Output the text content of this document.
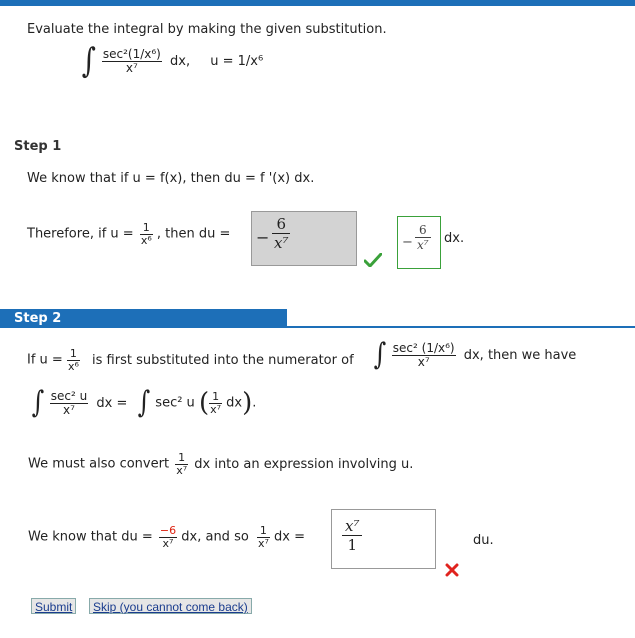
Evaluate the integral by making the given substitution.
∫ $\frac{\text{sec²(1/x⁶)}}{\text{x⁷}}$ dx, u = 1/x⁶
Step 1
We know that if u = f(x), then du = f '(x) dx.
Therefore, if $u = \frac{1}{\text{x⁶}}$ , then du = − $\frac{6}{\text{x⁷}}$	− $\frac{6}{\text{x⁷}}$ dx.
Step 2
If $u = \frac{1}{\text{x⁶}}$ is first substituted into the numerator of ∫ $\frac{\text{sec² (1/x⁶)}}{\text{x⁷}}$ dx, then we have
∫ $\frac{\text{sec² u}}{\text{x⁷}}$ dx = ∫ sec² u ( $\frac{1}{\text{x⁷}} dx$).
We must also convert $\frac{1}{\text{x⁷}}$ dx into an expression involving u.
We know that du = $\frac{-6}{\text{x⁷}}$ dx, and so $\frac{1}{\text{x⁷}}$ dx = $\frac{\text{x⁷}}{1}$	du.
Submit	Skip (you cannot come back)
